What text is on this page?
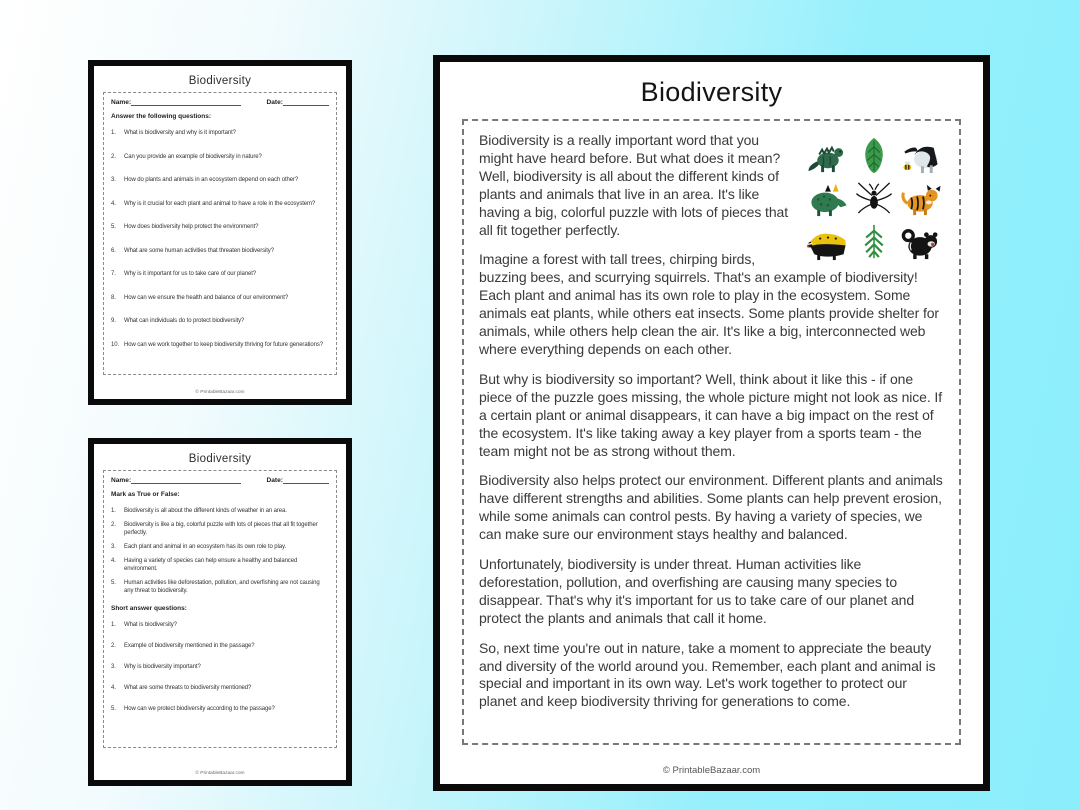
Biodiversity
Name:	Date:

Answer the following questions:

1.	What is biodiversity and why is it important?
2.	Can you provide an example of biodiversity in nature?
3.	How do plants and animals in an ecosystem depend on each other?
4.	Why is it crucial for each plant and animal to have a role in the ecosystem?
5.	How does biodiversity help protect the environment?
6.	What are some human activities that threaten biodiversity?
7.	Why is it important for us to take care of our planet?
8.	How can we ensure the health and balance of our environment?
9.	What can individuals do to protect biodiversity?
10. How can we work together to keep biodiversity thriving for future generations?
© PrintableBazaar.com
Biodiversity
Name:	Date:

Mark as True or False:

1.	Biodiversity is all about the different kinds of weather in an area.
2.	Biodiversity is like a big, colorful puzzle with lots of pieces that all fit together perfectly.
3.	Each plant and animal in an ecosystem has its own role to play.
4.	Having a variety of species can help ensure a healthy and balanced environment.
5.	Human activities like deforestation, pollution, and overfishing are not causing any threat to biodiversity.

Short answer questions:

1.	What is biodiversity?
2.	Example of biodiversity mentioned in the passage?
3.	Why is biodiversity important?
4.	What are some threats to biodiversity mentioned?
5.	How can we protect biodiversity according to the passage?
© PrintableBazaar.com
Biodiversity

Biodiversity is a really important word that you might have heard before. But what does it mean? Well, biodiversity is all about the different kinds of plants and animals that live in an area. It's like having a big, colorful puzzle with lots of pieces that all fit together perfectly.

Imagine a forest with tall trees, chirping birds, buzzing bees, and scurrying squirrels. That's an example of biodiversity! Each plant and animal has its own role to play in the ecosystem. Some animals eat plants, while others eat insects. Some plants provide shelter for animals, while others help clean the air. It's like a big, interconnected web where everything depends on each other.

But why is biodiversity so important? Well, think about it like this - if one piece of the puzzle goes missing, the whole picture might not look as nice. If a certain plant or animal disappears, it can have a big impact on the rest of the ecosystem. It's like taking away a key player from a sports team - the team might not be as strong without them.

Biodiversity also helps protect our environment. Different plants and animals have different strengths and abilities. Some plants can help prevent erosion, while some animals can control pests. By having a variety of species, we can make sure our environment stays healthy and balanced.

Unfortunately, biodiversity is under threat. Human activities like deforestation, pollution, and overfishing are causing many species to disappear. That's why it's important for us to take care of our planet and protect the plants and animals that call it home.

So, next time you're out in nature, take a moment to appreciate the beauty and diversity of the world around you. Remember, each plant and animal is special and important in its own way. Let's work together to protect our planet and keep biodiversity thriving for generations to come.

© PrintableBazaar.com
